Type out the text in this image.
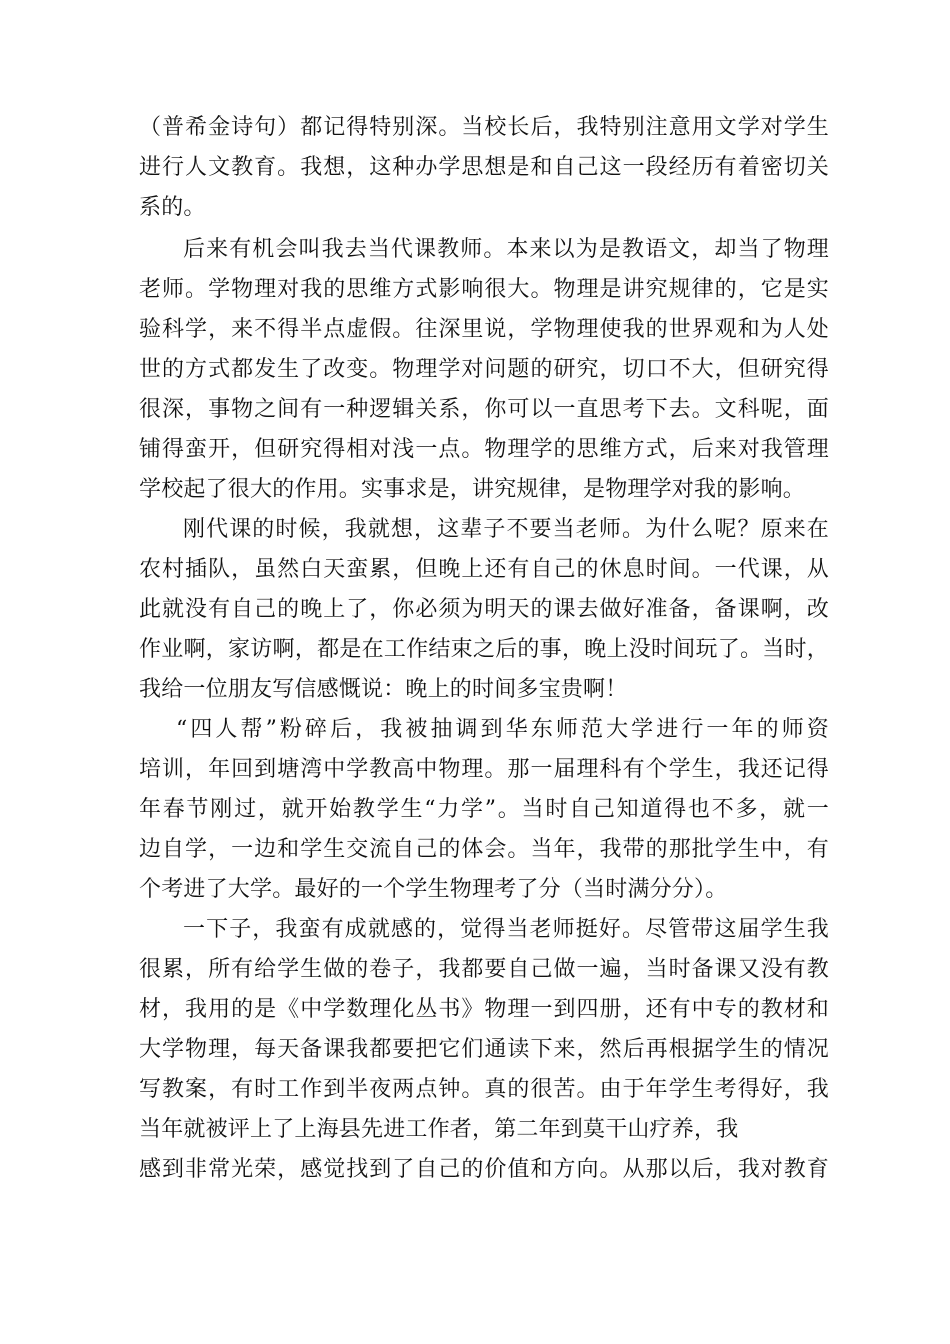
（普希金诗句）都记得特别深。当校长后，我特别注意用文学对学生
进行人文教育。我想，这种办学思想是和自己这一段经历有着密切关
系的。
后来有机会叫我去当代课教师。本来以为是教语文，却当了物理
老师。学物理对我的思维方式影响很大。物理是讲究规律的，它是实
验科学，来不得半点虚假。往深里说，学物理使我的世界观和为人处
世的方式都发生了改变。物理学对问题的研究，切口不大，但研究得
很深，事物之间有一种逻辑关系，你可以一直思考下去。文科呢，面
铺得蛮开，但研究得相对浅一点。物理学的思维方式，后来对我管理
学校起了很大的作用。实事求是，讲究规律，是物理学对我的影响。
刚代课的时候，我就想，这辈子不要当老师。为什么呢？原来在
农村插队，虽然白天蛮累，但晚上还有自己的休息时间。一代课，从
此就没有自己的晚上了，你必须为明天的课去做好准备，备课啊，改
作业啊，家访啊，都是在工作结束之后的事，晚上没时间玩了。当时，
我给一位朋友写信感慨说：晚上的时间多宝贵啊！
“四人帮”粉碎后，我被抽调到华东师范大学进行一年的师资
培训，年回到塘湾中学教高中物理。那一届理科有个学生，我还记得
年春节刚过，就开始教学生“力学”。当时自己知道得也不多，就一
边自学，一边和学生交流自己的体会。当年，我带的那批学生中，有
个考进了大学。最好的一个学生物理考了分（当时满分分）。
一下子，我蛮有成就感的，觉得当老师挺好。尽管带这届学生我
很累，所有给学生做的卷子，我都要自己做一遍，当时备课又没有教
材，我用的是《中学数理化丛书》物理一到四册，还有中专的教材和
大学物理，每天备课我都要把它们通读下来，然后再根据学生的情况
写教案，有时工作到半夜两点钟。真的很苦。由于年学生考得好，我
当年就被评上了上海县先进工作者，第二年到莫干山疗养，我
感到非常光荣，感觉找到了自己的价值和方向。从那以后，我对教育
